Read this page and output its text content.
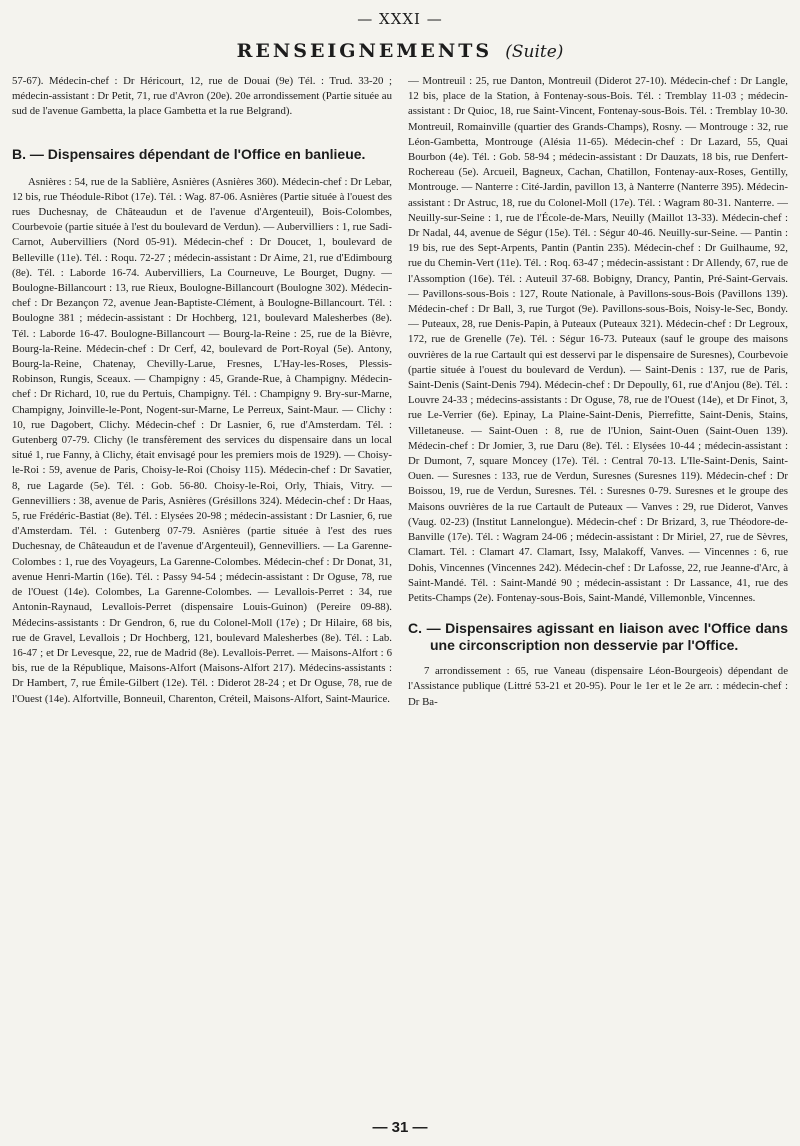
— XXXI —
RENSEIGNEMENTS (Suite)

57-67). Médecin-chef : Dr Héricourt, 12, rue de Douai (9e) Tél. : Trud. 33-20 ; médecin-assistant : Dr Petit, 71, rue d'Avron (20e). 20e arrondissement (Partie située au sud de l'avenue Gambetta, la place Gambetta et la rue Belgrand).

B. — Dispensaires dépendant de l'Office en banlieue.

Asnières : 54, rue de la Sablière, Asnières (Asnières 360). Médecin-chef : Dr Lebar, 12 bis, rue Théodule-Ribot (17e). Tél. : Wag. 87-06. Asnières (Partie située à l'ouest des rues Duchesnay, de Châteaudun et de l'avenue d'Argenteuil), Bois-Colombes, Courbevoie (partie située à l'est du boulevard de Verdun). — Aubervilliers : 1, rue Sadi-Carnot, Aubervilliers (Nord 05-91). Médecin-chef : Dr Doucet, 1, boulevard de Belleville (11e). Tél. : Roqu. 72-27 ; médecin-assistant : Dr Aime, 21, rue d'Edimbourg (8e). Tél. : Laborde 16-74. Aubervilliers, La Courneuve, Le Bourget, Dugny. — Boulogne-Billancourt : 13, rue Rieux, Boulogne-Billancourt (Boulogne 302). Médecin-chef : Dr Bezançon 72, avenue Jean-Baptiste-Clément, à Boulogne-Billancourt. Tél. : Boulogne 381 ; médecin-assistant : Dr Hochberg, 121, boulevard Malesherbes (8e). Tél. : Laborde 16-47. Boulogne-Billancourt — Bourg-la-Reine : 25, rue de la Bièvre, Bourg-la-Reine. Médecin-chef : Dr Cerf, 42, boulevard de Port-Royal (5e). Antony, Bourg-la-Reine, Chatenay, Chevilly-Larue, Fresnes, L'Hay-les-Roses, Plessis-Robinson, Rungis, Sceaux. — Champigny : 45, Grande-Rue, à Champigny. Médecin-chef : Dr Richard, 10, rue du Pertuis, Champigny. Tél. : Champigny 9. Bry-sur-Marne, Champigny, Joinville-le-Pont, Nogent-sur-Marne, Le Perreux, Saint-Maur. — Clichy : 10, rue Dagobert, Clichy. Médecin-chef : Dr Lasnier, 6, rue d'Amsterdam. Tél. : Gutenberg 07-79. Clichy (le transfèrement des services du dispensaire dans un local situé 1, rue Fanny, à Clichy, était envisagé pour les premiers mois de 1929). — Choisy-le-Roi : 59, avenue de Paris, Choisy-le-Roi (Choisy 115). Médecin-chef : Dr Savatier, 8, rue Lagarde (5e). Tél. : Gob. 56-80. Choisy-le-Roi, Orly, Thiais, Vitry. — Gennevilliers : 38, avenue de Paris, Asnières (Grésillons 324). Médecin-chef : Dr Haas, 5, rue Frédéric-Bastiat (8e). Tél. : Elysées 20-98 ; médecin-assistant : Dr Lasnier, 6, rue d'Amsterdam. Tél. : Gutenberg 07-79. Asnières (partie située à l'est des rues Duchesnay, de Châteaudun et de l'avenue d'Argenteuil), Gennevilliers. — La Garenne-Colombes : 1, rue des Voyageurs, La Garenne-Colombes. Médecin-chef : Dr Donat, 31, avenue Henri-Martin (16e). Tél. : Passy 94-54 ; médecin-assistant : Dr Oguse, 78, rue de l'Ouest (14e). Colombes, La Garenne-Colombes. — Levallois-Perret : 34, rue Antonin-Raynaud, Levallois-Perret (dispensaire Louis-Guinon) (Pereire 09-88). Médecins-assistants : Dr Gendron, 6, rue du Colonel-Moll (17e) ; Dr Hilaire, 68 bis, rue de Gravel, Levallois ; Dr Hochberg, 121, boulevard Malesherbes (8e). Tél. : Lab. 16-47 ; et Dr Levesque, 22, rue de Madrid (8e). Levallois-Perret. — Maisons-Alfort : 6 bis, rue de la République, Maisons-Alfort (Maisons-Alfort 217). Médecins-assistants : Dr Hambert, 7, rue Émile-Gilbert (12e). Tél. : Diderot 28-24 ; et Dr Oguse, 78, rue de l'Ouest (14e). Alfortville, Bonneuil, Charenton, Créteil, Maisons-Alfort, Saint-Maurice.

— Montreuil : 25, rue Danton, Montreuil (Diderot 27-10). Médecin-chef : Dr Langle, 12 bis, place de la Station, à Fontenay-sous-Bois. Tél. : Tremblay 11-03 ; médecin-assistant : Dr Quioc, 18, rue Saint-Vincent, Fontenay-sous-Bois. Tél. : Tremblay 10-30. Montreuil, Romainville (quartier des Grands-Champs), Rosny. — Montrouge : 32, rue Léon-Gambetta, Montrouge (Alésia 11-65). Médecin-chef : Dr Lazard, 55, Quai Bourbon (4e). Tél. : Gob. 58-94 ; médecin-assistant : Dr Dauzats, 18 bis, rue Denfert-Rochereau (5e). Arcueil, Bagneux, Cachan, Chatillon, Fontenay-aux-Roses, Gentilly, Montrouge. — Nanterre : Cité-Jardin, pavillon 13, à Nanterre (Nanterre 395). Médecin-assistant : Dr Astruc, 18, rue du Colonel-Moll (17e). Tél. : Wagram 80-31. Nanterre. — Neuilly-sur-Seine : 1, rue de l'École-de-Mars, Neuilly (Maillot 13-33). Médecin-chef : Dr Nadal, 44, avenue de Ségur (15e). Tél. : Ségur 40-46. Neuilly-sur-Seine. — Pantin : 19 bis, rue des Sept-Arpents, Pantin (Pantin 235). Médecin-chef : Dr Guilhaume, 92, rue du Chemin-Vert (11e). Tél. : Roq. 63-47 ; médecin-assistant : Dr Allendy, 67, rue de l'Assomption (16e). Tél. : Auteuil 37-68. Bobigny, Drancy, Pantin, Pré-Saint-Gervais. — Pavillons-sous-Bois : 127, Route Nationale, à Pavillons-sous-Bois (Pavillons 139). Médecin-chef : Dr Ball, 3, rue Turgot (9e). Pavillons-sous-Bois, Noisy-le-Sec, Bondy. — Puteaux, 28, rue Denis-Papin, à Puteaux (Puteaux 321). Médecin-chef : Dr Legroux, 172, rue de Grenelle (7e). Tél. : Ségur 16-73. Puteaux (sauf le groupe des maisons ouvrières de la rue Cartault qui est desservi par le dispensaire de Suresnes), Courbevoie (partie située à l'ouest du boulevard de Verdun). — Saint-Denis : 137, rue de Paris, Saint-Denis (Saint-Denis 794). Médecin-chef : Dr Depoully, 61, rue d'Anjou (8e). Tél. : Louvre 24-33 ; médecins-assistants : Dr Oguse, 78, rue de l'Ouest (14e), et Dr Finot, 3, rue Le-Verrier (6e). Epinay, La Plaine-Saint-Denis, Pierrefitte, Saint-Denis, Stains, Villetaneuse. — Saint-Ouen : 8, rue de l'Union, Saint-Ouen (Saint-Ouen 139). Médecin-chef : Dr Jomier, 3, rue Daru (8e). Tél. : Elysées 10-44 ; médecin-assistant : Dr Dumont, 7, square Moncey (17e). Tél. : Central 70-13. L'Ile-Saint-Denis, Saint-Ouen. — Suresnes : 133, rue de Verdun, Suresnes (Suresnes 119). Médecin-chef : Dr Boissou, 19, rue de Verdun, Suresnes. Tél. : Suresnes 0-79. Suresnes et le groupe des Maisons ouvrières de la rue Cartault de Puteaux — Vanves : 29, rue Diderot, Vanves (Vaug. 02-23) (Institut Lannelongue). Médecin-chef : Dr Brizard, 3, rue Théodore-de-Banville (17e). Tél. : Wagram 24-06 ; médecin-assistant : Dr Miriel, 27, rue de Sèvres, Clamart. Tél. : Clamart 47. Clamart, Issy, Malakoff, Vanves. — Vincennes : 6, rue Dohis, Vincennes (Vincennes 242). Médecin-chef : Dr Lafosse, 22, rue Jeanne-d'Arc, à Saint-Mandé. Tél. : Saint-Mandé 90 ; médecin-assistant : Dr Lassance, 41, rue des Petits-Champs (2e). Fontenay-sous-Bois, Saint-Mandé, Villemonble, Vincennes.

C. — Dispensaires agissant en liaison avec l'Office dans une circonscription non desservie par l'Office.

7 arrondissement : 65, rue Vaneau (dispensaire Léon-Bourgeois) dépendant de l'Assistance publique (Littré 53-21 et 20-95). Pour le 1er et le 2e arr. : médecin-chef : Dr Ba-

— 31 —
